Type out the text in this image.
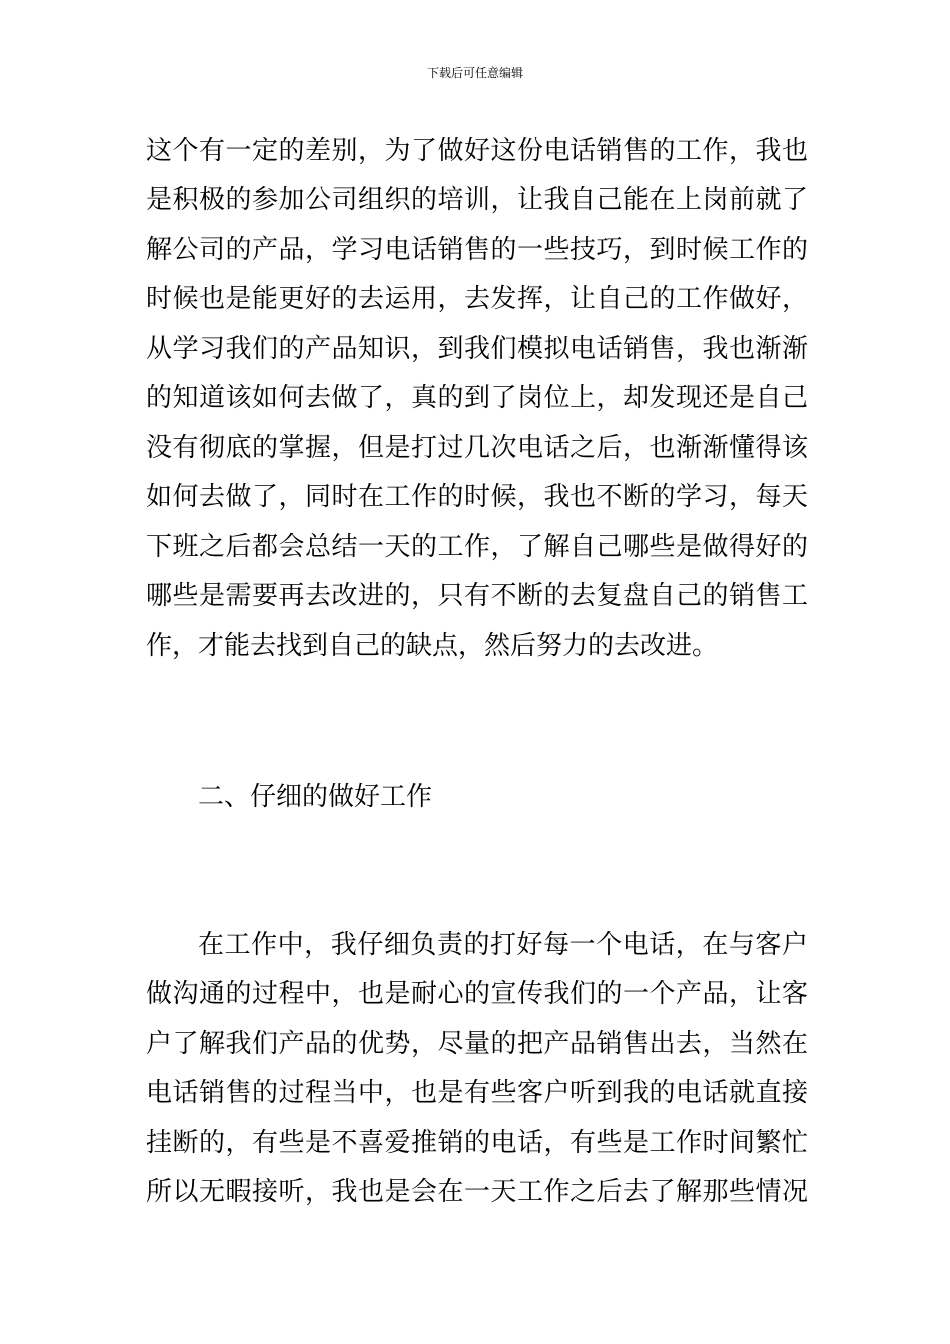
下载后可任意编辑
这个有一定的差别，为了做好这份电话销售的工作，我也
是积极的参加公司组织的培训，让我自己能在上岗前就了
解公司的产品，学习电话销售的一些技巧，到时候工作的
时候也是能更好的去运用，去发挥，让自己的工作做好，
从学习我们的产品知识，到我们模拟电话销售，我也渐渐
的知道该如何去做了，真的到了岗位上，却发现还是自己
没有彻底的掌握，但是打过几次电话之后，也渐渐懂得该
如何去做了，同时在工作的时候，我也不断的学习，每天
下班之后都会总结一天的工作，了解自己哪些是做得好的
哪些是需要再去改进的，只有不断的去复盘自己的销售工
作，才能去找到自己的缺点，然后努力的去改进。
二、仔细的做好工作
在工作中，我仔细负责的打好每一个电话，在与客户
做沟通的过程中，也是耐心的宣传我们的一个产品，让客
户了解我们产品的优势，尽量的把产品销售出去，当然在
电话销售的过程当中，也是有些客户听到我的电话就直接
挂断的，有些是不喜爱推销的电话，有些是工作时间繁忙
所以无暇接听，我也是会在一天工作之后去了解那些情况
